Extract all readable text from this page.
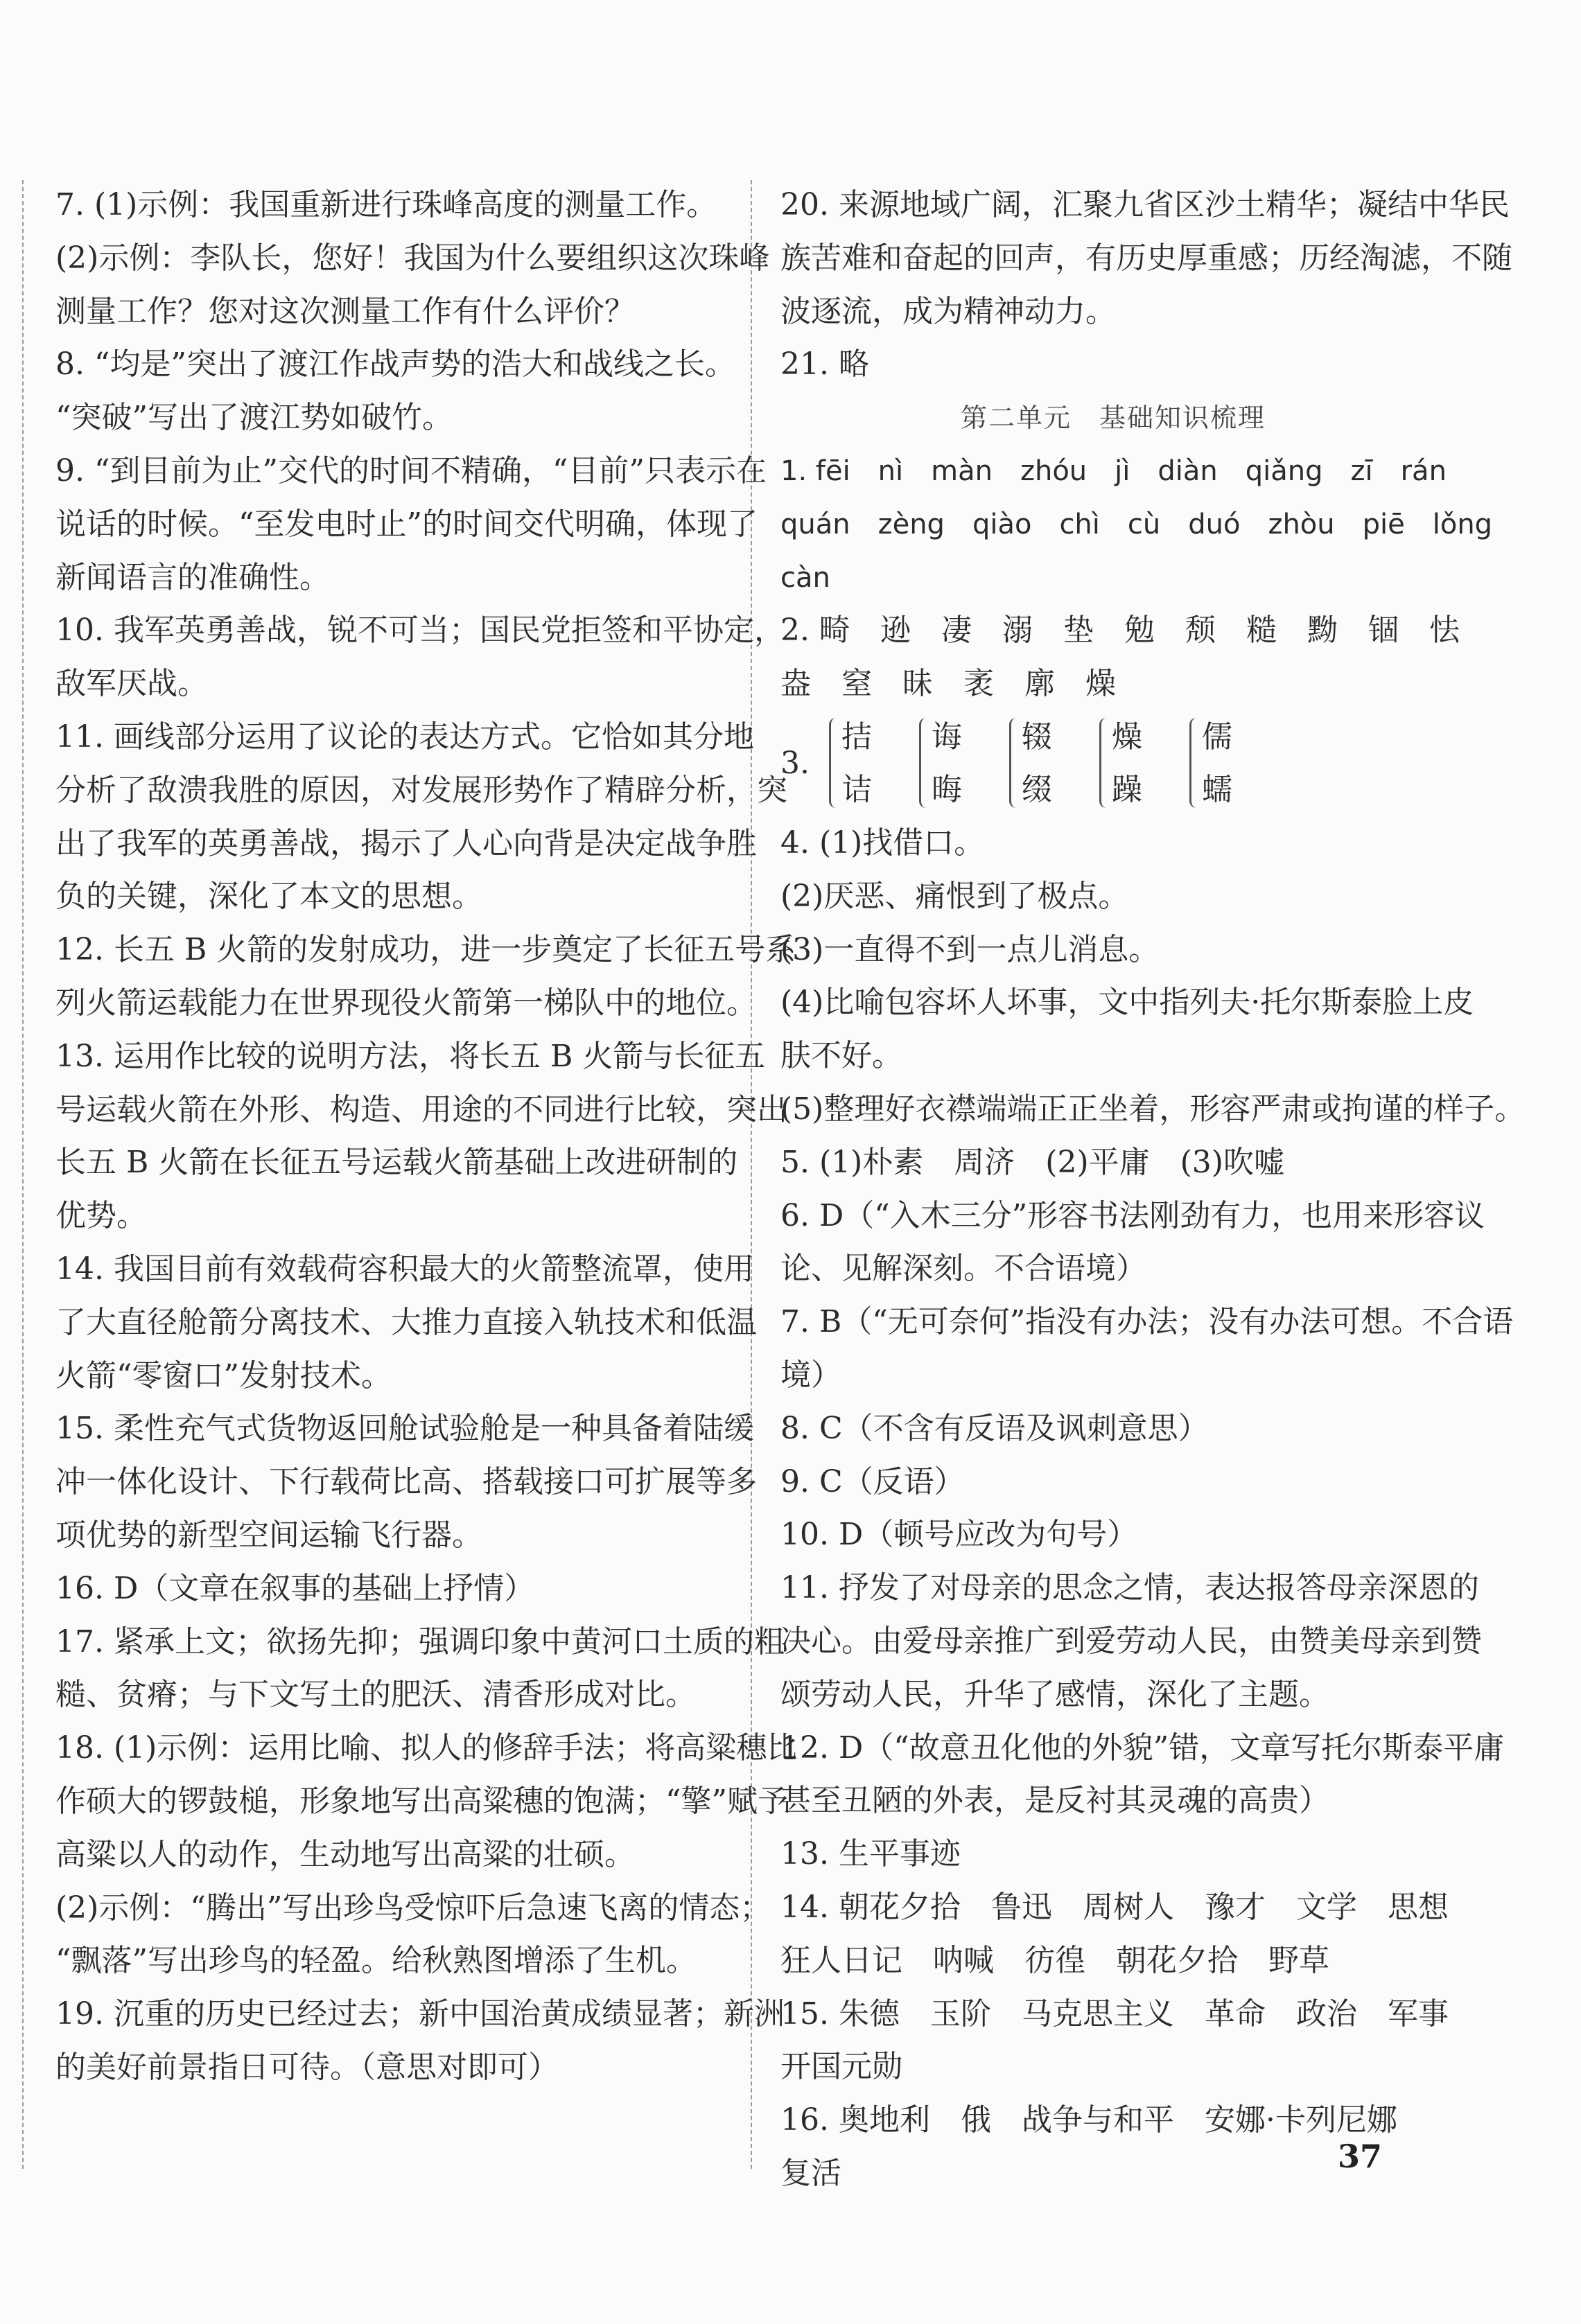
7. (1)示例：我国重新进行珠峰高度的测量工作。

(2)示例：李队长，您好！我国为什么要组织这次珠峰

测量工作？您对这次测量工作有什么评价？

8. “均是”突出了渡江作战声势的浩大和战线之长。

“突破”写出了渡江势如破竹。

9. “到目前为止”交代的时间不精确，“目前”只表示在

说话的时候。“至发电时止”的时间交代明确，体现了

新闻语言的准确性。

10. 我军英勇善战，锐不可当；国民党拒签和平协定，

敌军厌战。

11. 画线部分运用了议论的表达方式。它恰如其分地

分析了敌溃我胜的原因，对发展形势作了精辟分析，突

出了我军的英勇善战，揭示了人心向背是决定战争胜

负的关键，深化了本文的思想。

12. 长五 B 火箭的发射成功，进一步奠定了长征五号系

列火箭运载能力在世界现役火箭第一梯队中的地位。

13. 运用作比较的说明方法，将长五 B 火箭与长征五

号运载火箭在外形、构造、用途的不同进行比较，突出

长五 B 火箭在长征五号运载火箭基础上改进研制的

优势。

14. 我国目前有效载荷容积最大的火箭整流罩，使用

了大直径舱箭分离技术、大推力直接入轨技术和低温

火箭“零窗口”发射技术。

15. 柔性充气式货物返回舱试验舱是一种具备着陆缓

冲一体化设计、下行载荷比高、搭载接口可扩展等多

项优势的新型空间运输飞行器。

16. D（文章在叙事的基础上抒情）

17. 紧承上文；欲扬先抑；强调印象中黄河口土质的粗

糙、贫瘠；与下文写土的肥沃、清香形成对比。

18. (1)示例：运用比喻、拟人的修辞手法；将高粱穗比

作硕大的锣鼓槌，形象地写出高粱穗的饱满；“擎”赋予

高粱以人的动作，生动地写出高粱的壮硕。

(2)示例：“腾出”写出珍鸟受惊吓后急速飞离的情态；

“飘落”写出珍鸟的轻盈。给秋熟图增添了生机。

19. 沉重的历史已经过去；新中国治黄成绩显著；新洲

的美好前景指日可待。（意思对即可）

20. 来源地域广阔，汇聚九省区沙土精华；凝结中华民

族苦难和奋起的回声，有历史厚重感；历经淘滤，不随

波逐流，成为精神动力。

21. 略

第二单元　基础知识梳理

1. fēi　nì　màn　zhóu　jì　diàn　qiǎng　zī　rán

quán　zèng　qiào　chì　cù　duó　zhòu　piē　lǒng

càn

2. 畸　逊　凄　溺　垫　勉　颓　糙　黝　锢　怯

盎　窒　昧　袤　廓　燥

3.
拮
诘
诲
晦
辍
缀
燥
躁
儒
蠕

4. (1)找借口。

(2)厌恶、痛恨到了极点。

(3)一直得不到一点儿消息。

(4)比喻包容坏人坏事，文中指列夫·托尔斯泰脸上皮

肤不好。

(5)整理好衣襟端端正正坐着，形容严肃或拘谨的样子。

5. (1)朴素　周济　(2)平庸　(3)吹嘘

6. D（“入木三分”形容书法刚劲有力，也用来形容议

论、见解深刻。不合语境）

7. B（“无可奈何”指没有办法；没有办法可想。不合语

境）

8. C（不含有反语及讽刺意思）

9. C（反语）

10. D（顿号应改为句号）

11. 抒发了对母亲的思念之情，表达报答母亲深恩的

决心。由爱母亲推广到爱劳动人民，由赞美母亲到赞

颂劳动人民，升华了感情，深化了主题。

12. D（“故意丑化他的外貌”错，文章写托尔斯泰平庸

甚至丑陋的外表，是反衬其灵魂的高贵）

13. 生平事迹

14. 朝花夕拾　鲁迅　周树人　豫才　文学　思想

狂人日记　呐喊　彷徨　朝花夕拾　野草

15. 朱德　玉阶　马克思主义　革命　政治　军事

开国元勋

16. 奥地利　俄　战争与和平　安娜·卡列尼娜

复活	37
